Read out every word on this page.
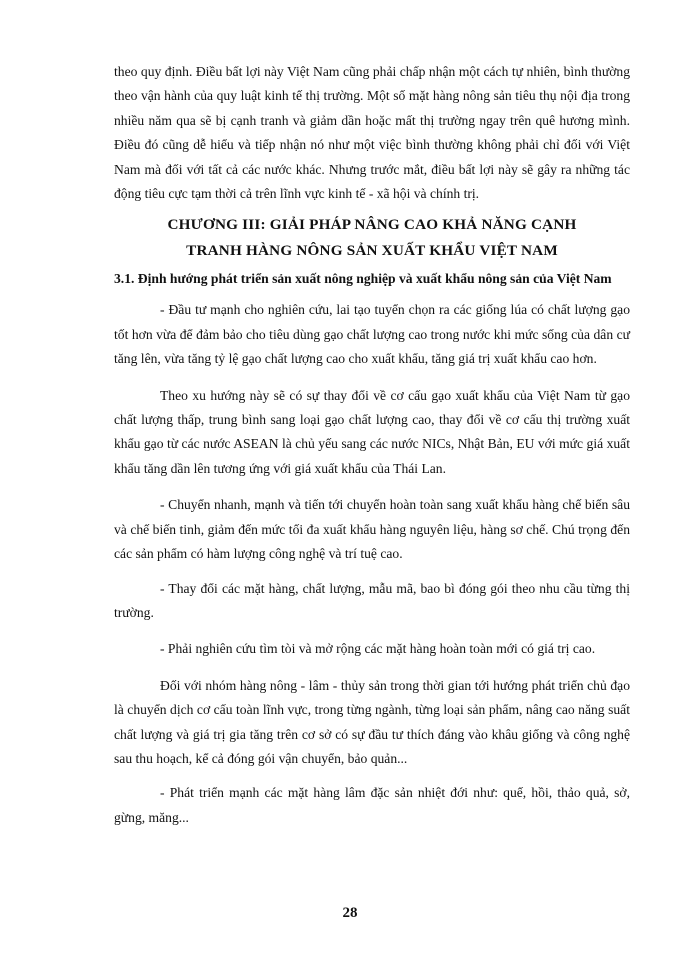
theo quy định. Điều bất lợi này Việt Nam cũng phải chấp nhận một cách tự nhiên, bình thường theo vận hành của quy luật kinh tế thị trường. Một số mặt hàng nông sản tiêu thụ nội địa trong nhiều năm qua sẽ bị cạnh tranh và giảm dần hoặc mất thị trường ngay trên quê hương mình. Điều đó cũng dễ hiểu và tiếp nhận nó như một việc bình thường không phải chỉ đối với Việt Nam mà đối với tất cả các nước khác. Nhưng trước mắt, điều bất lợi này sẽ gây ra những tác động tiêu cực tạm thời cả trên lĩnh vực kinh tế - xã hội và chính trị.

CHƯƠNG III: GIẢI PHÁP NÂNG CAO KHẢ NĂNG CẠNH
TRANH HÀNG NÔNG SẢN XUẤT KHẨU VIỆT NAM

3.1. Định hướng phát triển sản xuất nông nghiệp và xuất khẩu nông sản của Việt Nam

- Đầu tư mạnh cho nghiên cứu, lai tạo tuyển chọn ra các giống lúa có chất lượng gạo tốt hơn vừa để đảm bảo cho tiêu dùng gạo chất lượng cao trong nước khi mức sống của dân cư tăng lên, vừa tăng tỷ lệ gạo chất lượng cao cho xuất khẩu, tăng giá trị xuất khẩu cao hơn.

Theo xu hướng này sẽ có sự thay đổi về cơ cấu gạo xuất khẩu của Việt Nam từ gạo chất lượng thấp, trung bình sang loại gạo chất lượng cao, thay đổi về cơ cấu thị trường xuất khẩu gạo từ các nước ASEAN là chủ yếu sang các nước NICs, Nhật Bản, EU với mức giá xuất khẩu tăng dần lên tương ứng với giá xuất khẩu của Thái Lan.

- Chuyển nhanh, mạnh và tiến tới chuyển hoàn toàn sang xuất khẩu hàng chế biến sâu và chế biến tinh, giảm đến mức tối đa xuất khẩu hàng nguyên liệu, hàng sơ chế. Chú trọng đến các sản phẩm có hàm lượng công nghệ và trí tuệ cao.

- Thay đổi các mặt hàng, chất lượng, mẫu mã, bao bì đóng gói theo nhu cầu từng thị trường.

- Phải nghiên cứu tìm tòi và mở rộng các mặt hàng hoàn toàn mới có giá trị cao.

Đối với nhóm hàng nông - lâm - thủy sản trong thời gian tới hướng phát triển chủ đạo là chuyển dịch cơ cấu toàn lĩnh vực, trong từng ngành, từng loại sản phẩm, nâng cao năng suất chất lượng và giá trị gia tăng trên cơ sở có sự đầu tư thích đáng vào khâu giống và công nghệ sau thu hoạch, kể cả đóng gói vận chuyển, bảo quản...

- Phát triển mạnh các mặt hàng lâm đặc sản nhiệt đới như: quế, hồi, thảo quả, sở, gừng, măng...

28
